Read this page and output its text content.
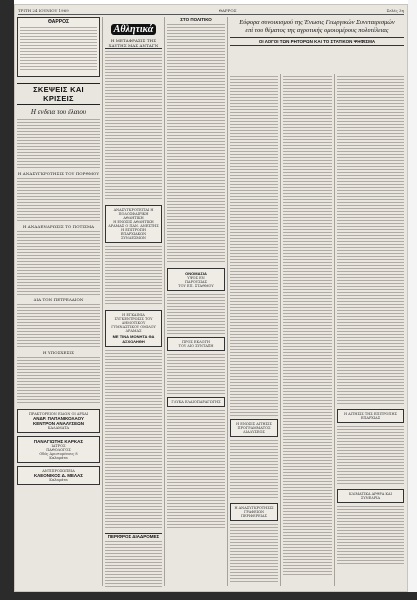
ΤΡΙΤΗ 24 ΙΟΥΝΙΟΥ 1969	ΘΑΡΡΟΣ	Σελίς 3η
ΘΑΡΡΟΣ
ΣΚΕΨΕΙΣ ΚΑΙ ΚΡΙΣΕΙΣ
Η ενδεια του έλαιου
Η ΑΝΑΣΥΓΚΡΟΤΗΣΙΣ ΤΟΥ ΠΟΡΘΜΟΥ
Η ΑΝΑΔΕΝΔΡΩΣΙΣ ΤΟ ΠΟΤΙΣΜΑ
ΔΙΑ ΤΟΝ ΠΕΤΡΕΛΑΙΟΝ
Η ΥΠΟΣΧΕΣΙΣ
ΠΡΑΚΤΟΡΕΙΟΝ ΕΙΔΩΝ ΟΙ ΑΡΧΑΙ
ΑΝΔΡ. ΠΑΠΑΝΙΚΟΛΑΟΥ
ΚΕΝΤΡΟΝ ΑΝΑΛΥΣΕΩΝ
ΚΑΛΑΜΑΤΑ
ΠΑΝΑΓΙΩΤΗΣ ΚΑΡΚΑΣ
ΙΑΤΡΟΣ
ΠΑΘΟΛΟΓΟΣ
Οδός Αριστομένους 8
Καλαμάτα
ΑΝΤΙΠΡΟΣΩΠΕΙΑ
ΚΛΕΟΝΙΚΟΣ Δ. ΜΕΛΑΣ
Καλαμάτα
Αθλητικά
Η ΜΕΤΑΦΡΑΣΙΣ ΤΗΣ ΧΑΥΤΗΣ ΜΑΣ ΑΝΤΑΓΝ
ΑΝΑΣΥΓΚΡΟΤΕΙΤΑΙ Η ΠΟΔΟΣΦΑΙΡΙΚΗ ΑΘΛΗΤΙΚΗ
Η ΕΝΩΣΙΣ ΑΘΛΗΤΙΚΗ ΔΡΑΜΑΣ Ο ΠΑΝ. ΑΝΕΣΤΗΣ
Η ΕΠΙΤΡΟΠΗ ΕΠΑΡΧΙΑΚΩΝ ΣΥΝΔΕΣΜΩΝ
Η ΕΓΚΑΙΝΙΑ ΣΥΓΚΕΝΤΡΩΣΙΣ ΤΟΥ ΔΗΜΟΤΙΚΟΥ
ΓΥΜΝΑΣΤΙΚΟΥ ΟΜΙΛΟΥ ΔΡΑΜΑΣ
ΜΕ ΤΙΝΑ ΜΟΝΗΤΑ ΘΑ ΑΣΧΟΛΗΘΗ
ΠΕΡΙΦΡΟΣ ΔΙΑΔΡΟΜΕΣ
ΣΤΟ ΠΟΛΙΤΙΚΟ
ΟΝΟΜΑΣΙΑ
ΥΨΟΣ ΕΝ
ΠΑΡΟΥΣΙΑΣ
ΤΟΥ ΕΠ. ΣΤΑΘΜΟΥ
ΠΡΟΣ ΕΚΛΟΓΗ
ΤΟΥ ΔΙΟ ΣΥΝΤΑΞΗ
ΓΛΥΚΑ ΕΛΑΙΟΠΑΡΑΓΩΓΗΣ
Εύφορα συνοικισμού της Ένωσις Γεωργικών Συνεταιρισμών
επί του θέματος της αγροτικής ομοιομέρους πολυτέλειας
ΟΙ ΛΟΓΟΙ ΤΩΝ ΡΗΤΟΡΩΝ ΚΑΙ ΤΟ ΣΤΑΤΙΚΟΝ ΨΗΦΙΣΜΑ
Η ΕΝΩΣΙΣ ΑΙΤΗΣΙΣ ΠΡΟΓΡΑΜΜΑΤΟΣ ΔΙΑΛΥΣΕΩΣ
Η ΑΝΑΣΥΓΚΡΟΤΗΣΙΣ ΓΡΑΦΕΙΩΝ ΠΕΡΙΦΕΡΕΙΑΣ
Η ΑΙΤΗΣΙΣ ΤΗΣ ΕΠΙΤΡΟΠΗΣ ΕΠΑΡΧΙΑΣ
ΚΛΙΜΑΤΙΚΑ ΑΡΘΡΑ ΚΑΙ ΣΥΝΕΔΡΙΑ
